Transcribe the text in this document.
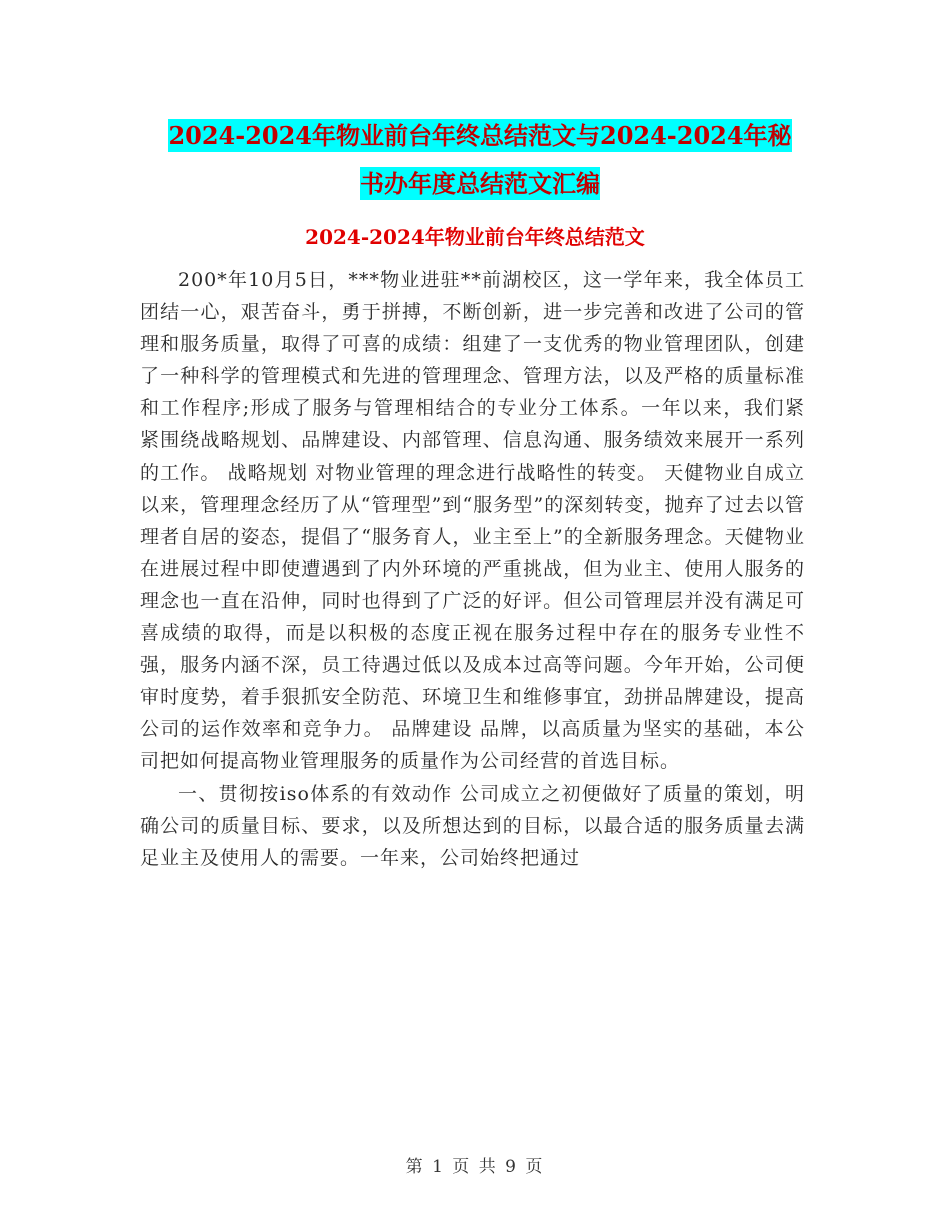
2024-2024年物业前台年终总结范文与2024-2024年秘
书办年度总结范文汇编
2024-2024年物业前台年终总结范文

200*年10月5日，***物业进驻**前湖校区，这一学年来，我全体员工团结一心，艰苦奋斗，勇于拼搏，不断创新，进一步完善和改进了公司的管理和服务质量，取得了可喜的成绩：组建了一支优秀的物业管理团队，创建了一种科学的管理模式和先进的管理理念、管理方法，以及严格的质量标准和工作程序;形成了服务与管理相结合的专业分工体系。一年以来，我们紧紧围绕战略规划、品牌建设、内部管理、信息沟通、服务绩效来展开一系列的工作。 战略规划 对物业管理的理念进行战略性的转变。 天健物业自成立以来，管理理念经历了从“管理型”到“服务型”的深刻转变，抛弃了过去以管理者自居的姿态，提倡了“服务育人，业主至上”的全新服务理念。天健物业在进展过程中即使遭遇到了内外环境的严重挑战，但为业主、使用人服务的理念也一直在沿伸，同时也得到了广泛的好评。但公司管理层并没有满足可喜成绩的取得，而是以积极的态度正视在服务过程中存在的服务专业性不强，服务内涵不深，员工待遇过低以及成本过高等问题。今年开始，公司便审时度势，着手狠抓安全防范、环境卫生和维修事宜，劲拼品牌建设，提高公司的运作效率和竞争力。 品牌建设 品牌，以高质量为坚实的基础，本公司把如何提高物业管理服务的质量作为公司经营的首选目标。

一、贯彻按iso体系的有效动作 公司成立之初便做好了质量的策划，明确公司的质量目标、要求，以及所想达到的目标，以最合适的服务质量去满足业主及使用人的需要。一年来，公司始终把通过

第 1 页 共 9 页
